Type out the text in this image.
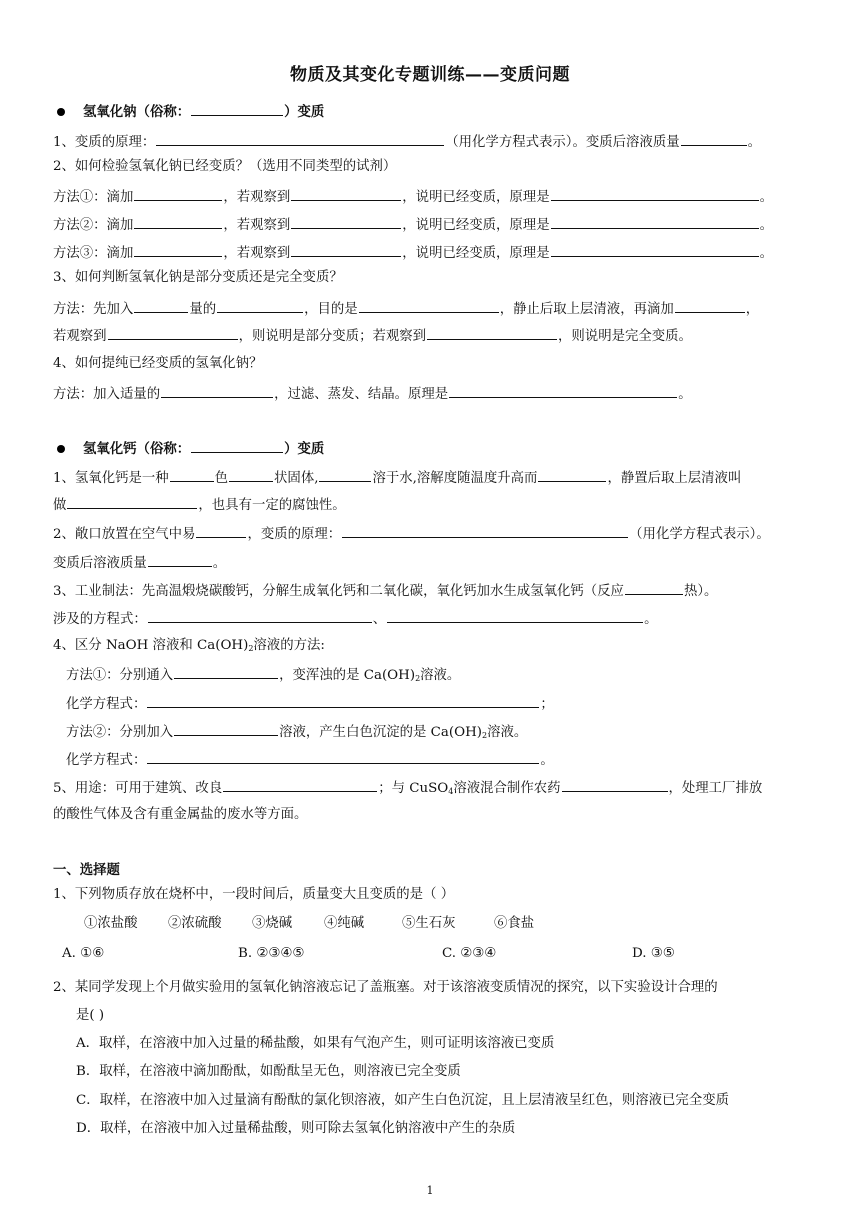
物质及其变化专题训练——变质问题
氢氧化钠（俗称：	）变质
1、变质的原理：	（用化学方程式表示）。变质后溶液质量	。
2、如何检验氢氧化钠已经变质？（选用不同类型的试剂）
方法①：滴加	，若观察到	，说明已经变质，原理是	。
方法②：滴加	，若观察到	，说明已经变质，原理是	。
方法③：滴加	，若观察到	，说明已经变质，原理是	。
3、如何判断氢氧化钠是部分变质还是完全变质？
方法：先加入	量的	，目的是	，静止后取上层清液，再滴加	，
若观察到	，则说明是部分变质；若观察到	，则说明是完全变质。
4、如何提纯已经变质的氢氧化钠？
方法：加入适量的	，过滤、蒸发、结晶。原理是	。
氢氧化钙（俗称：	）变质
1、氢氧化钙是一种	色	状固体,	溶于水,溶解度随温度升高而	，静置后取上层清液叫
做	，也具有一定的腐蚀性。
2、敞口放置在空气中易	，变质的原理：	（用化学方程式表示）。
变质后溶液质量	。
3、工业制法：先高温煅烧碳酸钙，分解生成氧化钙和二氧化碳，氧化钙加水生成氢氧化钙（反应	热）。
涉及的方程式：	、	。
4、区分 NaOH 溶液和 $Ca(OH)_2$溶液的方法:
方法①：分别通入	，变浑浊的是 $Ca(OH)_2$溶液。
化学方程式：	；
方法②：分别加入	溶液，产生白色沉淀的是 $Ca(OH)_2$溶液。
化学方程式：	。
5、用途：可用于建筑、改良	；与 CuSO$_4$溶液混合制作农药	，处理工厂排放
的酸性气体及含有重金属盐的废水等方面。
一、选择题
1、下列物质存放在烧杯中，一段时间后，质量变大且变质的是（ ）
①浓盐酸 ②浓硫酸 ③烧碱 ④纯碱	⑤生石灰	⑥食盐
A. ①⑥	B. ②③④⑤	C. ②③④	D. ③⑤
2、某同学发现上个月做实验用的氢氧化钠溶液忘记了盖瓶塞。对于该溶液变质情况的探究，以下实验设计合理的
是( )
A．取样，在溶液中加入过量的稀盐酸，如果有气泡产生，则可证明该溶液已变质
B．取样，在溶液中滴加酚酞，如酚酞呈无色，则溶液已完全变质
C．取样，在溶液中加入过量滴有酚酞的氯化钡溶液，如产生白色沉淀，且上层清液呈红色，则溶液已完全变质
D．取样，在溶液中加入过量稀盐酸，则可除去氢氧化钠溶液中产生的杂质
1
